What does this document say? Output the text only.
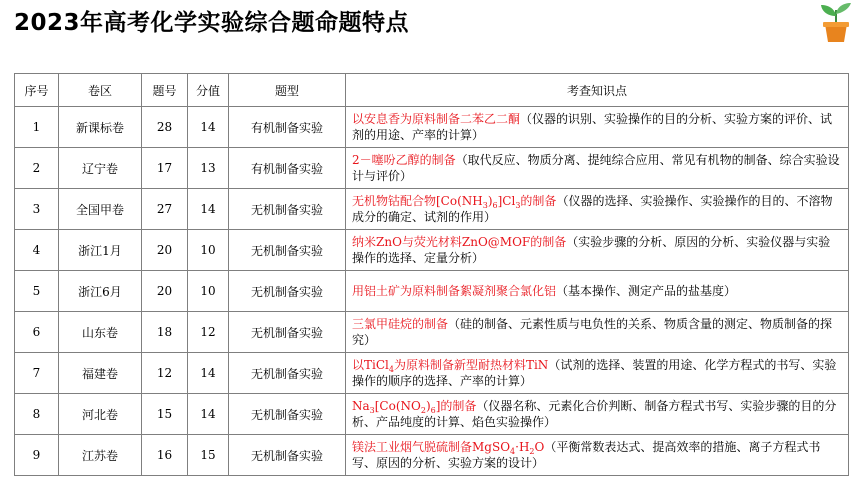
2023年高考化学实验综合题命题特点
序号	卷区	题号	分值	题型	考查知识点
1	新课标卷	28	14	有机制备实验	以安息香为原料制备二苯乙二酮（仪器的识别、实验操作的目的分析、实验方案的评价、试剂的用途、产率的计算）
2	辽宁卷	17	13	有机制备实验	2－噻吩乙醇的制备（取代反应、物质分离、提纯综合应用、常见有机物的制备、综合实验设计与评价）
3	全国甲卷	27	14	无机制备实验	无机物钴配合物$[Co(NH_3)_6]Cl_3$的制备（仪器的选择、实验操作、实验操作的目的、不溶物成分的确定、试剂的作用）
4	浙江1月	20	10	无机制备实验	纳米ZnO与荧光材料ZnO@MOF的制备（实验步骤的分析、原因的分析、实验仪器与实验操作的选择、定量分析）
5	浙江6月	20	10	无机制备实验	用铝土矿为原料制备絮凝剂聚合氯化铝（基本操作、测定产品的盐基度）
6	山东卷	18	12	无机制备实验	三氯甲硅烷的制备（硅的制备、元素性质与电负性的关系、物质含量的测定、物质制备的探究）
7	福建卷	12	14	无机制备实验	以TiCl$_4$为原料制备新型耐热材料TiN（试剂的选择、装置的用途、化学方程式的书写、实验操作的顺序的选择、产率的计算）
8	河北卷	15	14	无机制备实验	$Na_3[Co(NO_2)_6]$的制备（仪器名称、元素化合价判断、制备方程式书写、实验步骤的目的分析、产品纯度的计算、焰色实验操作）
9	江苏卷	16	15	无机制备实验	镁法工业烟气脱硫制备$MgSO_4\cdot H_2O$（平衡常数表达式、提高效率的措施、离子方程式书写、原因的分析、实验方案的设计）
